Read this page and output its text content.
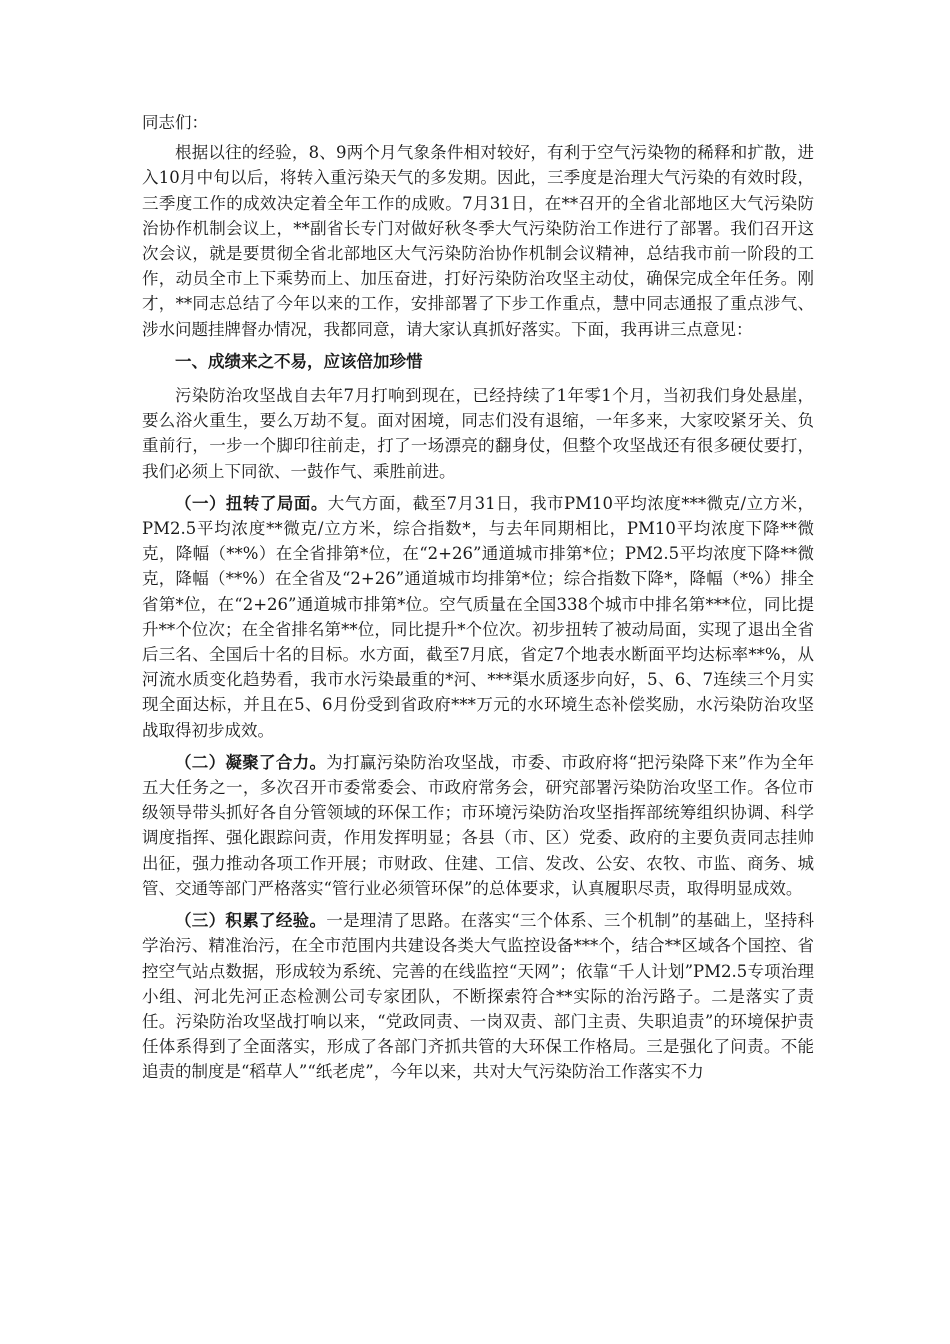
同志们：

根据以往的经验，8、9两个月气象条件相对较好，有利于空气污染物的稀释和扩散，进入10月中旬以后，将转入重污染天气的多发期。因此，三季度是治理大气污染的有效时段，三季度工作的成效决定着全年工作的成败。7月31日，在**召开的全省北部地区大气污染防治协作机制会议上，**副省长专门对做好秋冬季大气污染防治工作进行了部署。我们召开这次会议，就是要贯彻全省北部地区大气污染防治协作机制会议精神，总结我市前一阶段的工作，动员全市上下乘势而上、加压奋进，打好污染防治攻坚主动仗，确保完成全年任务。刚才，**同志总结了今年以来的工作，安排部署了下步工作重点，慧中同志通报了重点涉气、涉水问题挂牌督办情况，我都同意，请大家认真抓好落实。下面，我再讲三点意见：

一、成绩来之不易，应该倍加珍惜

污染防治攻坚战自去年7月打响到现在，已经持续了1年零1个月，当初我们身处悬崖，要么浴火重生，要么万劫不复。面对困境，同志们没有退缩，一年多来，大家咬紧牙关、负重前行，一步一个脚印往前走，打了一场漂亮的翻身仗，但整个攻坚战还有很多硬仗要打，我们必须上下同欲、一鼓作气、乘胜前进。

（一）扭转了局面。大气方面，截至7月31日，我市PM10平均浓度***微克/立方米，PM2.5平均浓度**微克/立方米，综合指数*，与去年同期相比，PM10平均浓度下降**微克，降幅（**%）在全省排第*位，在“2+26”通道城市排第*位；PM2.5平均浓度下降**微克，降幅（**%）在全省及“2+26”通道城市均排第*位；综合指数下降*，降幅（*%）排全省第*位，在“2+26”通道城市排第*位。空气质量在全国338个城市中排名第***位，同比提升**个位次；在全省排名第**位，同比提升*个位次。初步扭转了被动局面，实现了退出全省后三名、全国后十名的目标。水方面，截至7月底，省定7个地表水断面平均达标率**%，从河流水质变化趋势看，我市水污染最重的*河、***渠水质逐步向好，5、6、7连续三个月实现全面达标，并且在5、6月份受到省政府***万元的水环境生态补偿奖励，水污染防治攻坚战取得初步成效。

（二）凝聚了合力。为打赢污染防治攻坚战，市委、市政府将“把污染降下来”作为全年五大任务之一，多次召开市委常委会、市政府常务会，研究部署污染防治攻坚工作。各位市级领导带头抓好各自分管领域的环保工作；市环境污染防治攻坚指挥部统筹组织协调、科学调度指挥、强化跟踪问责，作用发挥明显；各县（市、区）党委、政府的主要负责同志挂帅出征，强力推动各项工作开展；市财政、住建、工信、发改、公安、农牧、市监、商务、城管、交通等部门严格落实“管行业必须管环保”的总体要求，认真履职尽责，取得明显成效。

（三）积累了经验。一是理清了思路。在落实“三个体系、三个机制”的基础上，坚持科学治污、精准治污，在全市范围内共建设各类大气监控设备***个，结合**区域各个国控、省控空气站点数据，形成较为系统、完善的在线监控“天网”；依靠“千人计划”PM2.5专项治理小组、河北先河正态检测公司专家团队，不断探索符合**实际的治污路子。二是落实了责任。污染防治攻坚战打响以来，“党政同责、一岗双责、部门主责、失职追责”的环境保护责任体系得到了全面落实，形成了各部门齐抓共管的大环保工作格局。三是强化了问责。不能追责的制度是“稻草人”“纸老虎”，今年以来，共对大气污染防治工作落实不力
